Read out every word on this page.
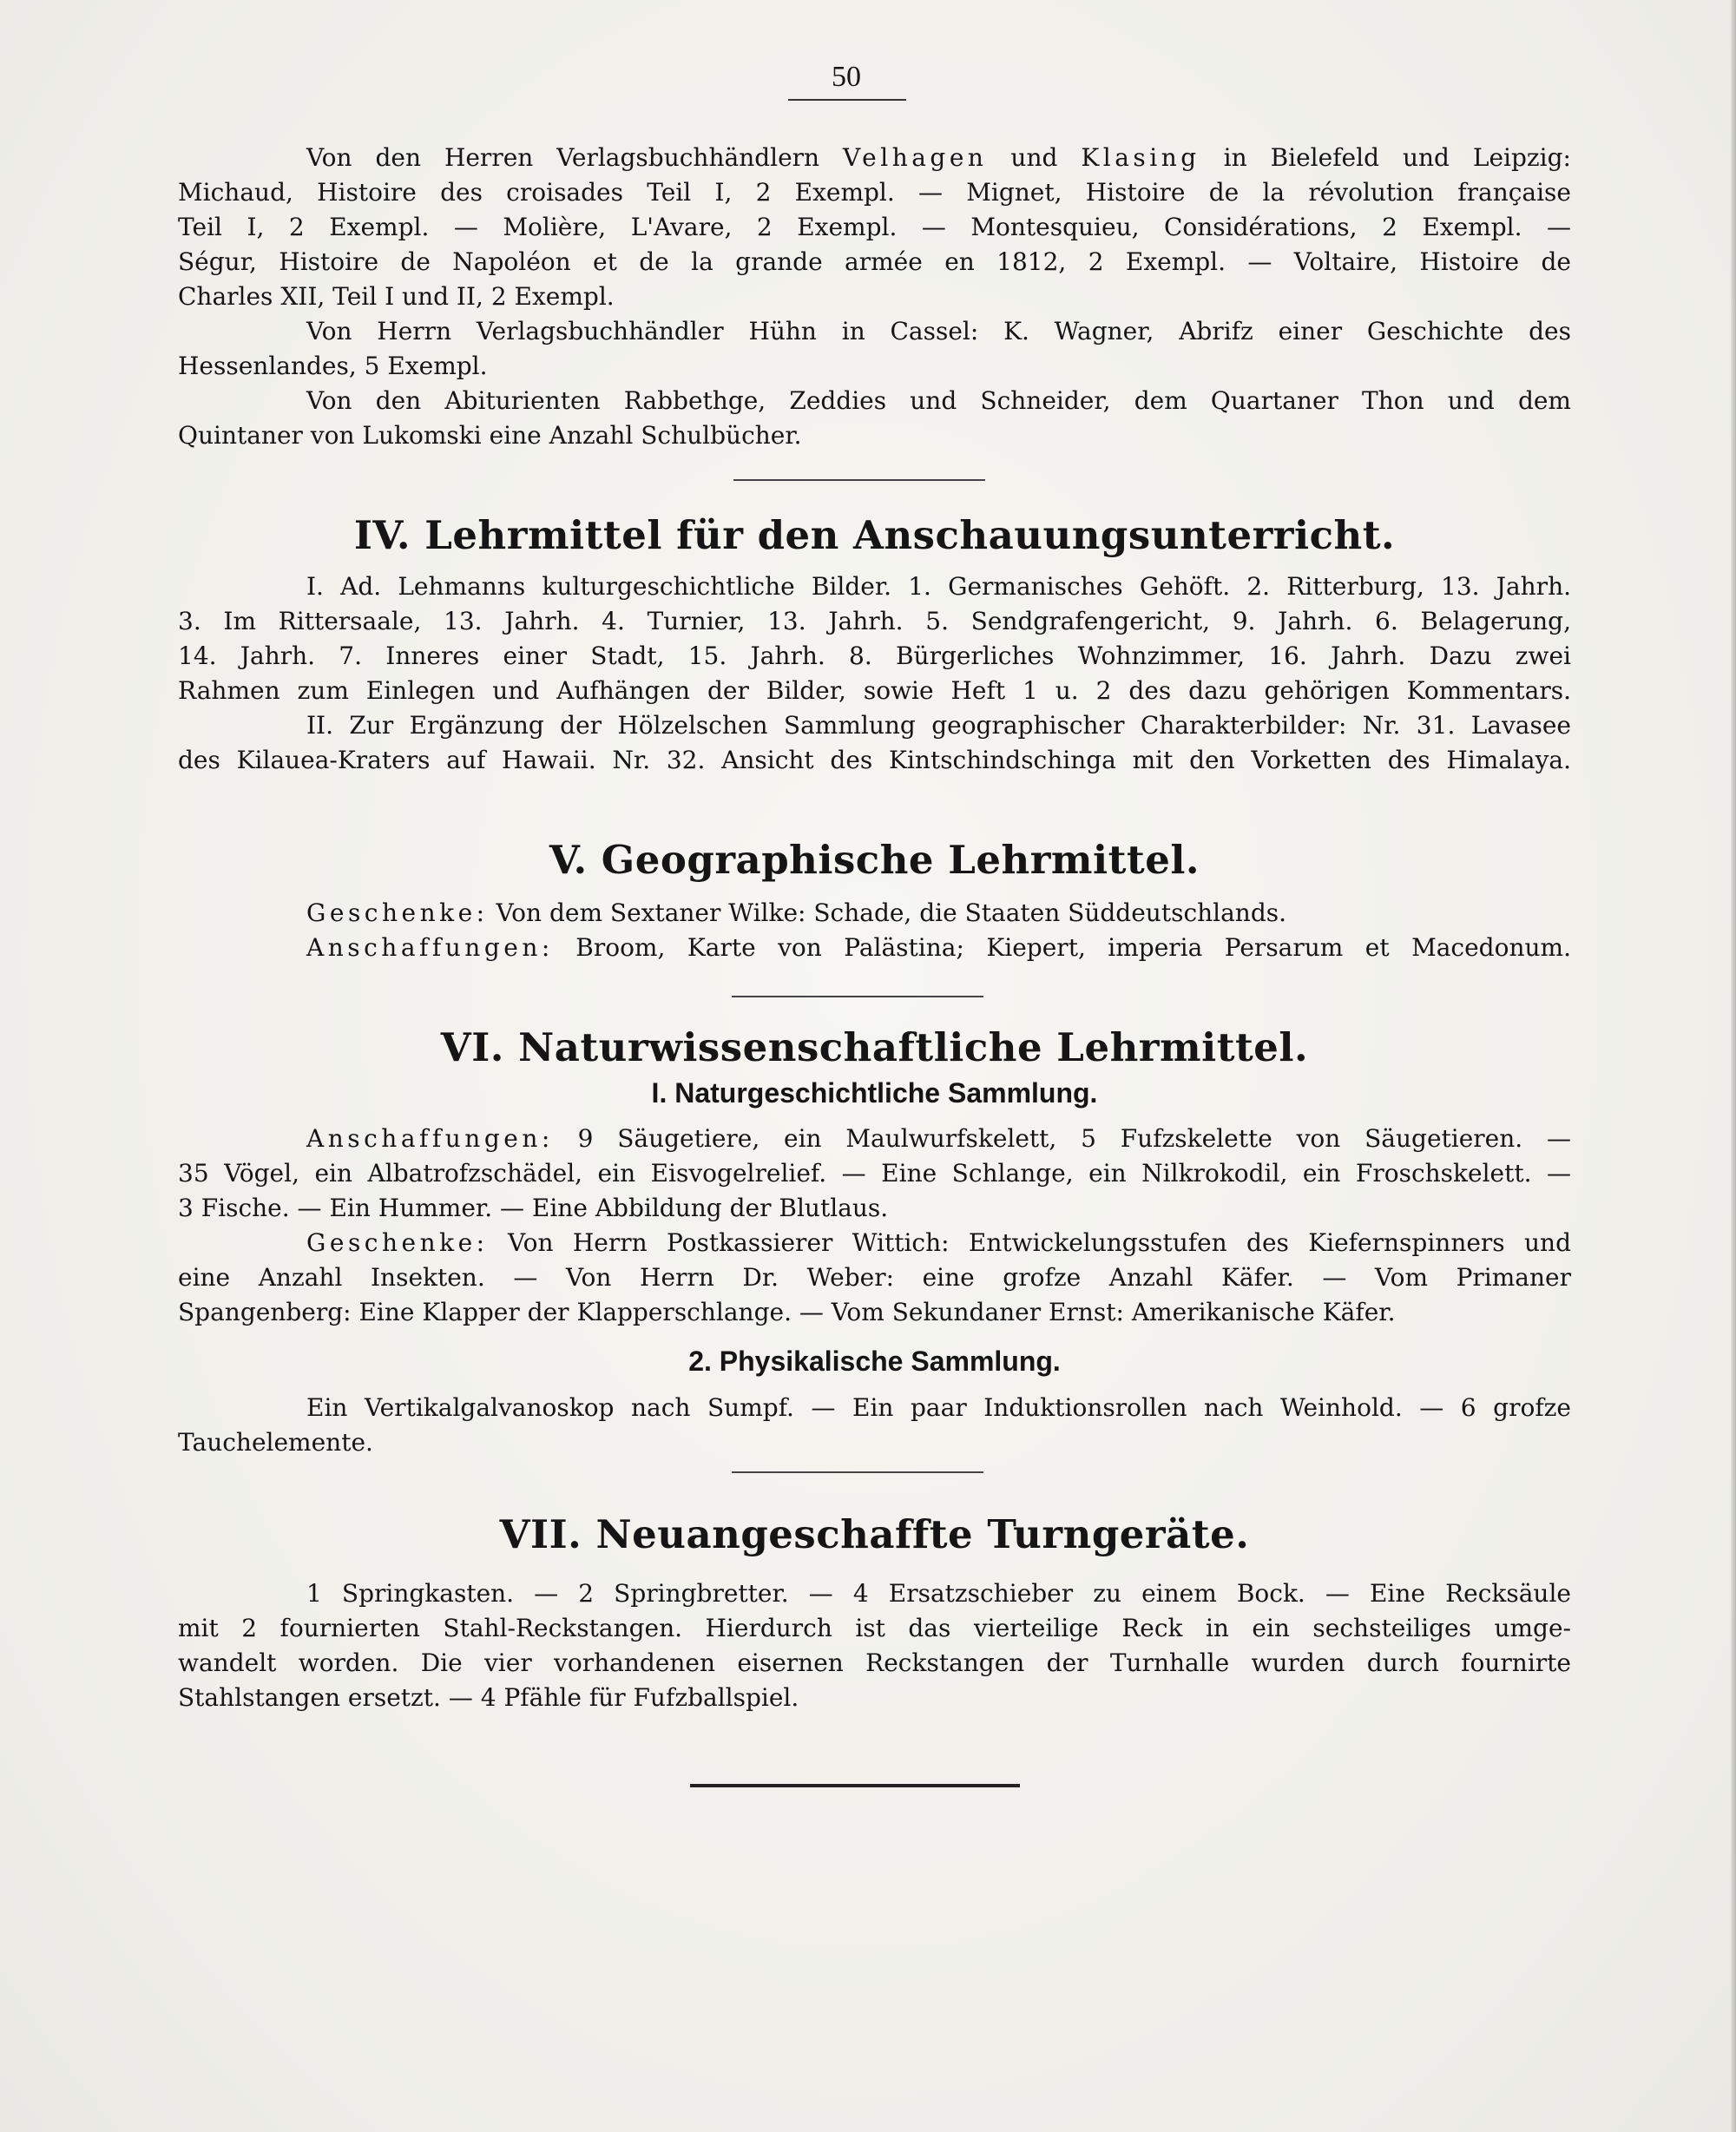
50
Von den Herren Verlagsbuchhändlern Velhagen und Klasing in Bielefeld und Leipzig:
Michaud, Histoire des croisades Teil I, 2 Exempl. — Mignet, Histoire de la révolution française
Teil I, 2 Exempl. — Molière, L'Avare, 2 Exempl. — Montesquieu, Considérations, 2 Exempl. —
Ségur, Histoire de Napoléon et de la grande armée en 1812, 2 Exempl. — Voltaire, Histoire de
Charles XII, Teil I und II, 2 Exempl.
Von Herrn Verlagsbuchhändler Hühn in Cassel: K. Wagner, Abrifz einer Geschichte des
Hessenlandes, 5 Exempl.
Von den Abiturienten Rabbethge, Zeddies und Schneider, dem Quartaner Thon und dem
Quintaner von Lukomski eine Anzahl Schulbücher.
IV. Lehrmittel für den Anschauungsunterricht.
I. Ad. Lehmanns kulturgeschichtliche Bilder. 1. Germanisches Gehöft. 2. Ritterburg, 13. Jahrh.
3. Im Rittersaale, 13. Jahrh. 4. Turnier, 13. Jahrh. 5. Sendgrafengericht, 9. Jahrh. 6. Belagerung,
14. Jahrh. 7. Inneres einer Stadt, 15. Jahrh. 8. Bürgerliches Wohnzimmer, 16. Jahrh. Dazu zwei
Rahmen zum Einlegen und Aufhängen der Bilder, sowie Heft 1 u. 2 des dazu gehörigen Kommentars.
II. Zur Ergänzung der Hölzelschen Sammlung geographischer Charakterbilder: Nr. 31. Lavasee
des Kilauea-Kraters auf Hawaii. Nr. 32. Ansicht des Kintschindschinga mit den Vorketten des Himalaya.
V. Geographische Lehrmittel.
Geschenke: Von dem Sextaner Wilke: Schade, die Staaten Süddeutschlands.
Anschaffungen: Broom, Karte von Palästina; Kiepert, imperia Persarum et Macedonum.
VI. Naturwissenschaftliche Lehrmittel.
I. Naturgeschichtliche Sammlung.
Anschaffungen: 9 Säugetiere, ein Maulwurfskelett, 5 Fufzskelette von Säugetieren. —
35 Vögel, ein Albatrofzschädel, ein Eisvogelrelief. — Eine Schlange, ein Nilkrokodil, ein Froschskelett. —
3 Fische. — Ein Hummer. — Eine Abbildung der Blutlaus.
Geschenke: Von Herrn Postkassierer Wittich: Entwickelungsstufen des Kiefernspinners und
eine Anzahl Insekten. — Von Herrn Dr. Weber: eine grofze Anzahl Käfer. — Vom Primaner
Spangenberg: Eine Klapper der Klapperschlange. — Vom Sekundaner Ernst: Amerikanische Käfer.
2. Physikalische Sammlung.
Ein Vertikalgalvanoskop nach Sumpf. — Ein paar Induktionsrollen nach Weinhold. — 6 grofze
Tauchelemente.
VII. Neuangeschaffte Turngeräte.
1 Springkasten. — 2 Springbretter. — 4 Ersatzschieber zu einem Bock. — Eine Recksäule
mit 2 fournierten Stahl-Reckstangen. Hierdurch ist das vierteilige Reck in ein sechsteiliges umge-
wandelt worden. Die vier vorhandenen eisernen Reckstangen der Turnhalle wurden durch fournirte
Stahlstangen ersetzt. — 4 Pfähle für Fufzballspiel.
